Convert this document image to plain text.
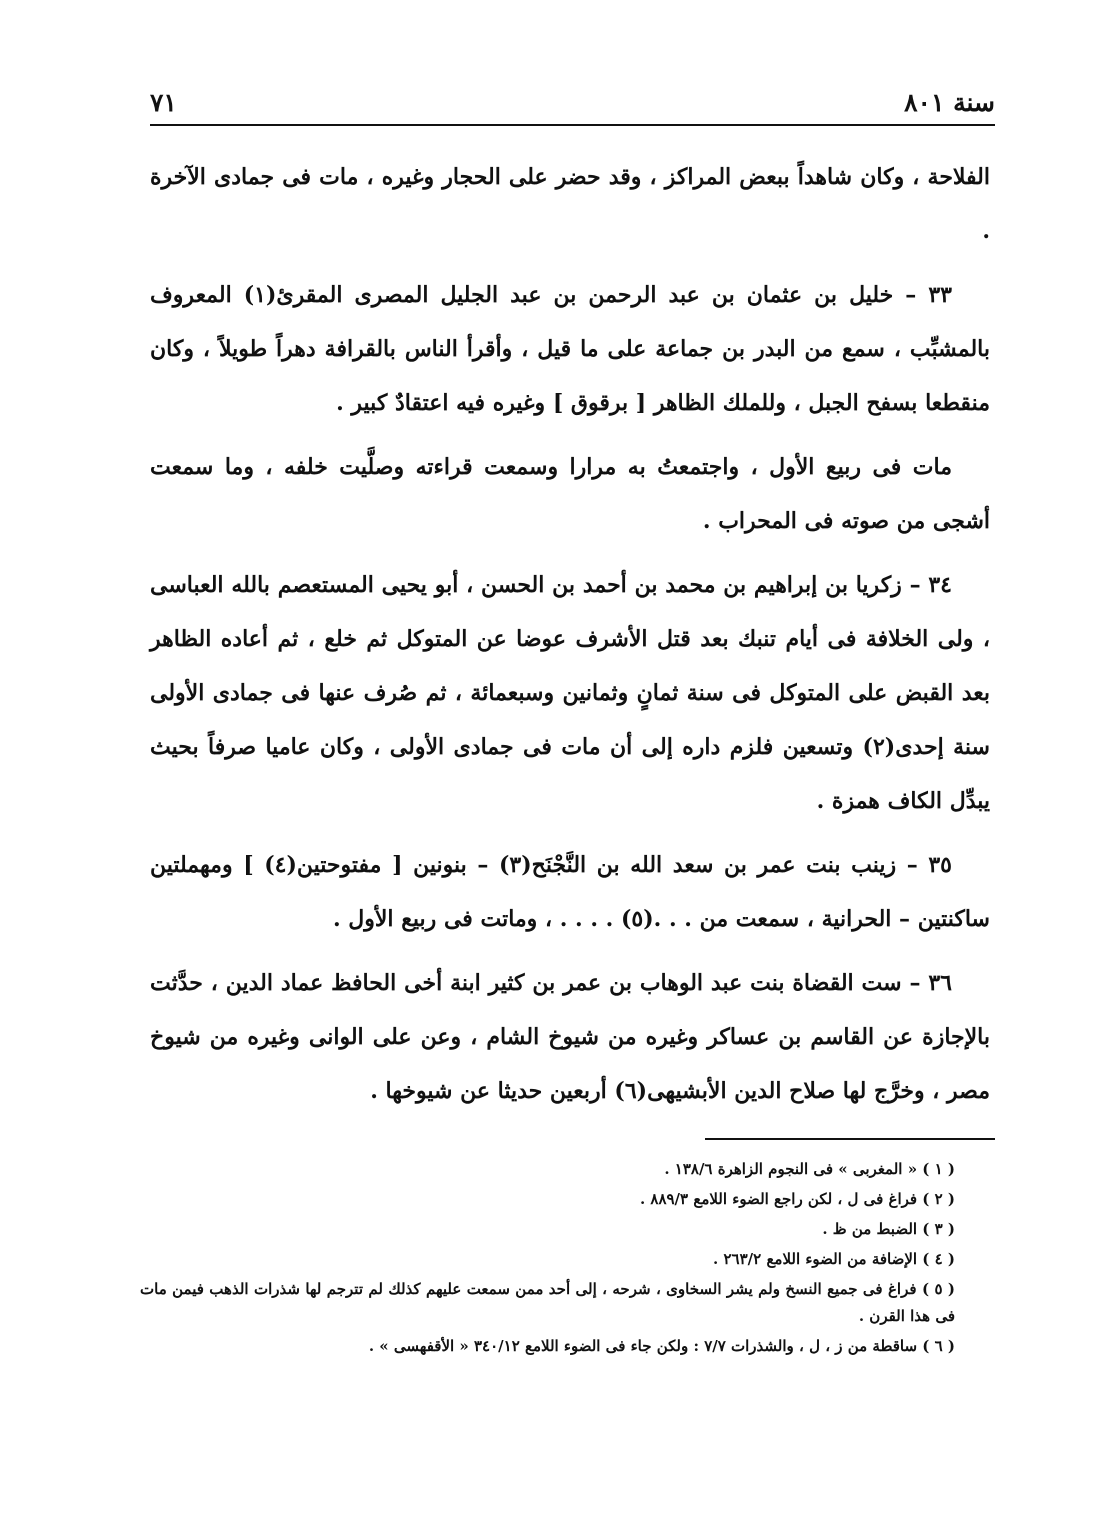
سنة ٨٠١
٧١

الفلاحة ، وكان شاهداً ببعض المراكز ، وقد حضر على الحجار وغيره ، مات فى جمادى الآخرة .

٣٣ – خليل بن عثمان بن عبد الرحمن بن عبد الجليل المصرى المقرئ(١) المعروف بالمشبِّب ، سمع من البدر بن جماعة على ما قيل ، وأقرأ الناس بالقرافة دهراً طويلاً ، وكان منقطعا بسفح الجبل ، وللملك الظاهر [ برقوق ] وغيره فيه اعتقادٌ كبير .

مات فى ربيع الأول ، واجتمعتُ به مرارا وسمعت قراءته وصلَّيت خلفه ، وما سمعت أشجى من صوته فى المحراب .

٣٤ – زكريا بن إبراهيم بن محمد بن أحمد بن الحسن ، أبو يحيى المستعصم بالله العباسى ، ولى الخلافة فى أيام تنبك بعد قتل الأشرف عوضا عن المتوكل ثم خلع ، ثم أعاده الظاهر بعد القبض على المتوكل فى سنة ثمانٍ وثمانين وسبعمائة ، ثم صُرف عنها فى جمادى الأولى سنة إحدى(٢) وتسعين فلزم داره إلى أن مات فى جمادى الأولى ، وكان عاميا صرفاً بحيث يبدِّل الكاف همزة .

٣٥ – زينب بنت عمر بن سعد الله بن النَّجْنَح(٣) – بنونين [ مفتوحتين(٤) ] ومهملتين ساكنتين – الحرانية ، سمعت من . . .(٥) . . . . ، وماتت فى ربيع الأول .

٣٦ – ست القضاة بنت عبد الوهاب بن عمر بن كثير ابنة أخى الحافظ عماد الدين ، حدَّثت بالإجازة عن القاسم بن عساكر وغيره من شيوخ الشام ، وعن على الوانى وغيره من شيوخ مصر ، وخرَّج لها صلاح الدين الأبشيهى(٦) أربعين حديثا عن شيوخها .

( ١ ) « المغربى » فى النجوم الزاهرة ١٣٨/٦ .

( ٢ ) فراغ فى ل ، لكن راجع الضوء اللامع ٨٨٩/٣ .

( ٣ ) الضبط من ظ .

( ٤ ) الإضافة من الضوء اللامع ٢٦٣/٢ .

( ٥ ) فراغ فى جميع النسخ ولم يشر السخاوى ، شرحه ، إلى أحد ممن سمعت عليهم كذلك لم تترجم لها شذرات الذهب فيمن مات فى هذا القرن .

( ٦ ) ساقطة من ز ، ل ، والشذرات ٧/٧ : ولكن جاء فى الضوء اللامع ٣٤٠/١٢ « الأقفهسى » .
